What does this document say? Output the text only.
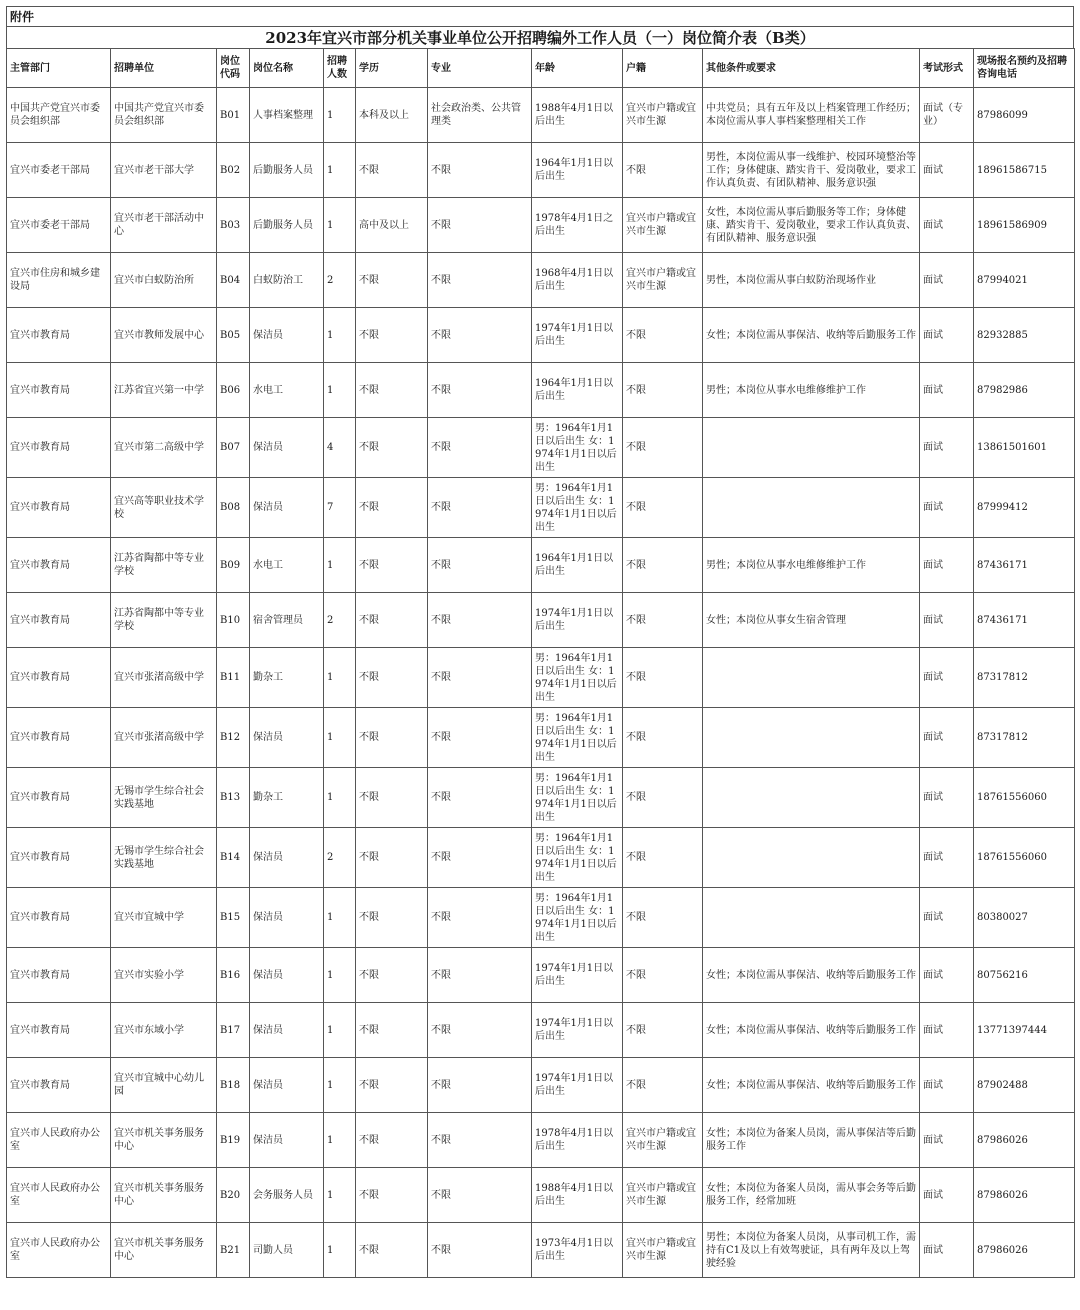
附件
2023年宜兴市部分机关事业单位公开招聘编外工作人员（一）岗位简介表（B类）
主管部门	招聘单位	岗位代码	岗位名称	招聘人数	学历	专业	年龄	户籍	其他条件或要求	考试形式	现场报名预约及招聘咨询电话
中国共产党宜兴市委员会组织部	中国共产党宜兴市委员会组织部	B01	人事档案整理	1	本科及以上	社会政治类、公共管理类	1988年4月1日以后出生	宜兴市户籍或宜兴市生源	中共党员；具有五年及以上档案管理工作经历；本岗位需从事人事档案整理相关工作	面试（专业）	87986099
宜兴市委老干部局	宜兴市老干部大学	B02	后勤服务人员	1	不限	不限	1964年1月1日以后出生	不限	男性，本岗位需从事一线维护、校园环境整治等工作；身体健康、踏实肯干、爱岗敬业，要求工作认真负责、有团队精神、服务意识强	面试	18961586715
宜兴市委老干部局	宜兴市老干部活动中心	B03	后勤服务人员	1	高中及以上	不限	1978年4月1日之后出生	宜兴市户籍或宜兴市生源	女性，本岗位需从事后勤服务等工作；身体健康、踏实肯干、爱岗敬业，要求工作认真负责、有团队精神、服务意识强	面试	18961586909
宜兴市住房和城乡建设局	宜兴市白蚁防治所	B04	白蚁防治工	2	不限	不限	1968年4月1日以后出生	宜兴市户籍或宜兴市生源	男性，本岗位需从事白蚁防治现场作业	面试	87994021
宜兴市教育局	宜兴市教师发展中心	B05	保洁员	1	不限	不限	1974年1月1日以后出生	不限	女性；本岗位需从事保洁、收纳等后勤服务工作	面试	82932885
宜兴市教育局	江苏省宜兴第一中学	B06	水电工	1	不限	不限	1964年1月1日以后出生	不限	男性；本岗位从事水电维修维护工作	面试	87982986
宜兴市教育局	宜兴市第二高级中学	B07	保洁员	4	不限	不限	男：1964年1月1日以后出生 女：1974年1月1日以后出生	不限		面试	13861501601
宜兴市教育局	宜兴高等职业技术学校	B08	保洁员	7	不限	不限	男：1964年1月1日以后出生 女：1974年1月1日以后出生	不限		面试	87999412
宜兴市教育局	江苏省陶都中等专业学校	B09	水电工	1	不限	不限	1964年1月1日以后出生	不限	男性；本岗位从事水电维修维护工作	面试	87436171
宜兴市教育局	江苏省陶都中等专业学校	B10	宿舍管理员	2	不限	不限	1974年1月1日以后出生	不限	女性；本岗位从事女生宿舍管理	面试	87436171
宜兴市教育局	宜兴市张渚高级中学	B11	勤杂工	1	不限	不限	男：1964年1月1日以后出生 女：1974年1月1日以后出生	不限		面试	87317812
宜兴市教育局	宜兴市张渚高级中学	B12	保洁员	1	不限	不限	男：1964年1月1日以后出生 女：1974年1月1日以后出生	不限		面试	87317812
宜兴市教育局	无锡市学生综合社会实践基地	B13	勤杂工	1	不限	不限	男：1964年1月1日以后出生 女：1974年1月1日以后出生	不限		面试	18761556060
宜兴市教育局	无锡市学生综合社会实践基地	B14	保洁员	2	不限	不限	男：1964年1月1日以后出生 女：1974年1月1日以后出生	不限		面试	18761556060
宜兴市教育局	宜兴市宜城中学	B15	保洁员	1	不限	不限	男：1964年1月1日以后出生 女：1974年1月1日以后出生	不限		面试	80380027
宜兴市教育局	宜兴市实验小学	B16	保洁员	1	不限	不限	1974年1月1日以后出生	不限	女性；本岗位需从事保洁、收纳等后勤服务工作	面试	80756216
宜兴市教育局	宜兴市东域小学	B17	保洁员	1	不限	不限	1974年1月1日以后出生	不限	女性；本岗位需从事保洁、收纳等后勤服务工作	面试	13771397444
宜兴市教育局	宜兴市宜城中心幼儿园	B18	保洁员	1	不限	不限	1974年1月1日以后出生	不限	女性；本岗位需从事保洁、收纳等后勤服务工作	面试	87902488
宜兴市人民政府办公室	宜兴市机关事务服务中心	B19	保洁员	1	不限	不限	1978年4月1日以后出生	宜兴市户籍或宜兴市生源	女性；本岗位为备案人员岗，需从事保洁等后勤服务工作	面试	87986026
宜兴市人民政府办公室	宜兴市机关事务服务中心	B20	会务服务人员	1	不限	不限	1988年4月1日以后出生	宜兴市户籍或宜兴市生源	女性；本岗位为备案人员岗，需从事会务等后勤服务工作，经常加班	面试	87986026
宜兴市人民政府办公室	宜兴市机关事务服务中心	B21	司勤人员	1	不限	不限	1973年4月1日以后出生	宜兴市户籍或宜兴市生源	男性；本岗位为备案人员岗，从事司机工作，需持有C1及以上有效驾驶证，具有两年及以上驾驶经验	面试	87986026
